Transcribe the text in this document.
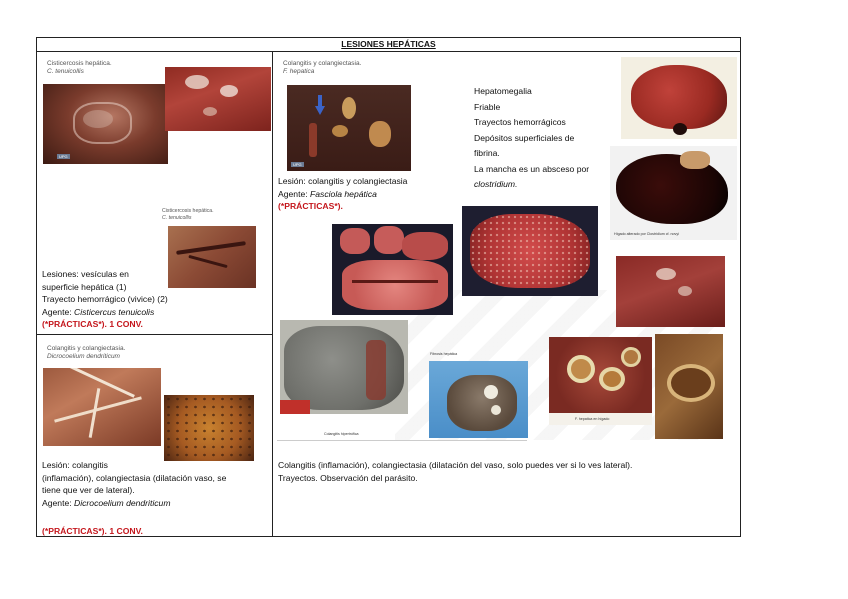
LESIONES HEPÁTICAS
Cisticercosis hepática.
C. tenuicollis
UPG
Cisticercosis hepática.
C. tenuicollis
Lesiones: vesículas en
superficie hepática (1)
Trayecto hemorrágico (vivice) (2)
Agente: Cisticercus tenuicolis
(*PRÁCTICAS*). 1 CONV.
Colangitis y colangiectasia.
Dicrocoelium dendriticum
Lesión: colangitis
(inflamación), colangiectasia (dilatación vaso, se
tiene que ver de lateral).
Agente: Dicrocoelium dendriticum
(*PRÁCTICAS*). 1 CONV.
Colangitis y colangiectasia.
F. hepatica
UPG
Lesión: colangitis y colangiectasia
Agente: Fasciola hepática
(*PRÁCTICAS*).
Hepatomegalia
Friable
Trayectos hemorrágicos
Depósitos superficiales de
fibrina.
La mancha es un absceso por
clostridium.
Hígado alterado por Clostridium cf. novyi
Colangitis hipertrófica
Fibrosis hepática
F. hepatica en hígado
Colangitis (inflamación), colangiectasia (dilatación del vaso, solo puedes ver si lo ves lateral).
Trayectos. Observación del parásito.
